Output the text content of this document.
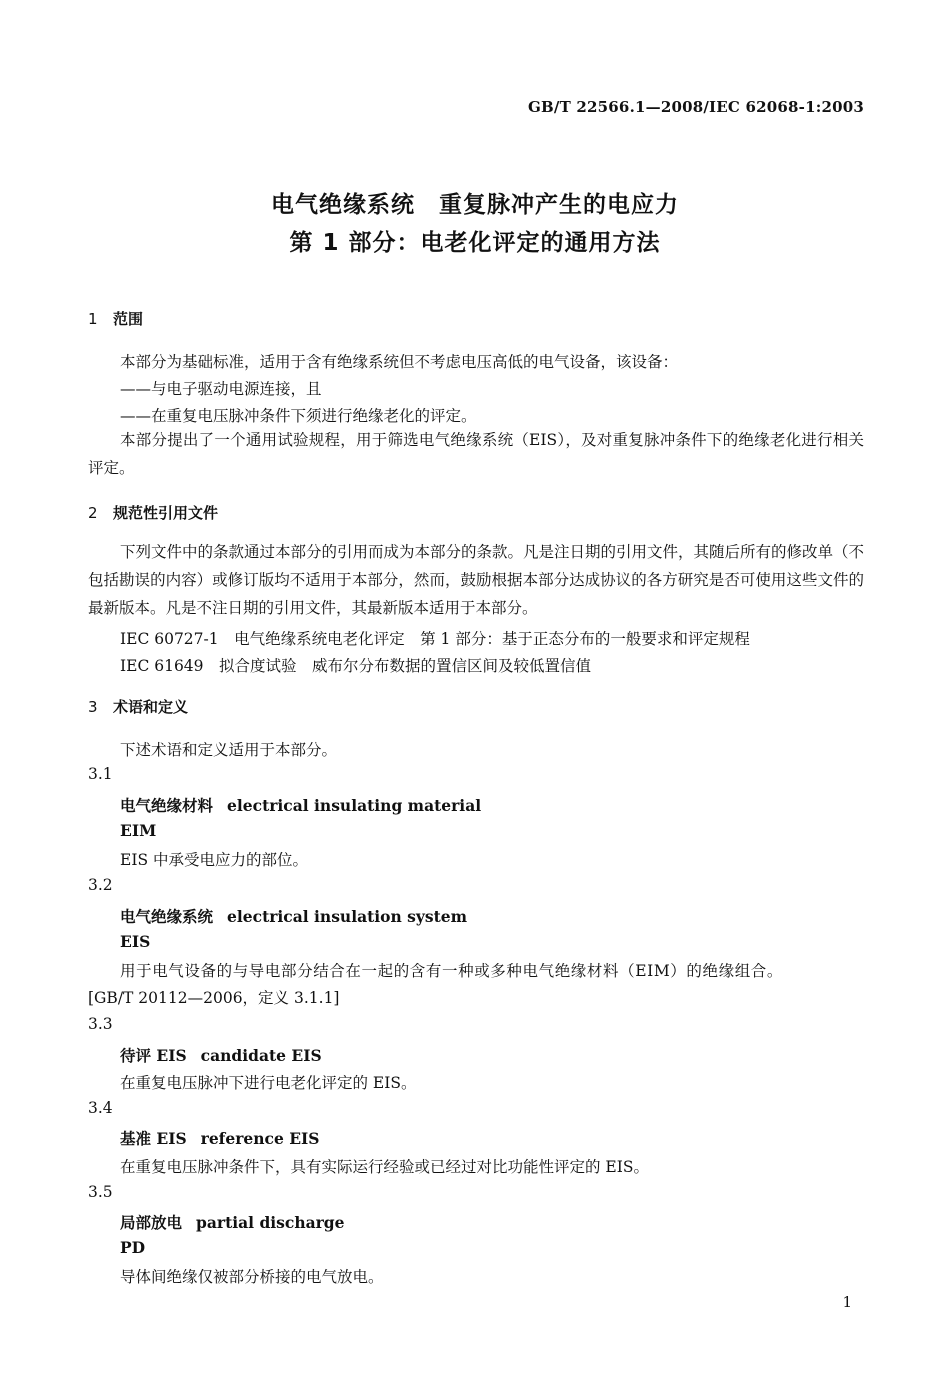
GB/T 22566.1—2008/IEC 62068-1:2003
电气绝缘系统　重复脉冲产生的电应力
第 1 部分：电老化评定的通用方法
1 范围
本部分为基础标准，适用于含有绝缘系统但不考虑电压高低的电气设备，该设备：
——与电子驱动电源连接，且
——在重复电压脉冲条件下须进行绝缘老化的评定。
本部分提出了一个通用试验规程，用于筛选电气绝缘系统（EIS），及对重复脉冲条件下的绝缘老化进行相关评定。
2 规范性引用文件
下列文件中的条款通过本部分的引用而成为本部分的条款。凡是注日期的引用文件，其随后所有的修改单（不包括勘误的内容）或修订版均不适用于本部分，然而，鼓励根据本部分达成协议的各方研究是否可使用这些文件的最新版本。凡是不注日期的引用文件，其最新版本适用于本部分。
IEC 60727-1　电气绝缘系统电老化评定　第 1 部分：基于正态分布的一般要求和评定规程
IEC 61649　拟合度试验　威布尔分布数据的置信区间及较低置信值
3 术语和定义
下述术语和定义适用于本部分。
3.1
电气绝缘材料 electrical insulating material
EIM
EIS 中承受电应力的部位。
3.2
电气绝缘系统 electrical insulation system
EIS
用于电气设备的与导电部分结合在一起的含有一种或多种电气绝缘材料（EIM）的绝缘组合。
[GB/T 20112—2006，定义 3.1.1]
3.3
待评 EIS candidate EIS
在重复电压脉冲下进行电老化评定的 EIS。
3.4
基准 EIS reference EIS
在重复电压脉冲条件下，具有实际运行经验或已经过对比功能性评定的 EIS。
3.5
局部放电 partial discharge
PD
导体间绝缘仅被部分桥接的电气放电。
1
